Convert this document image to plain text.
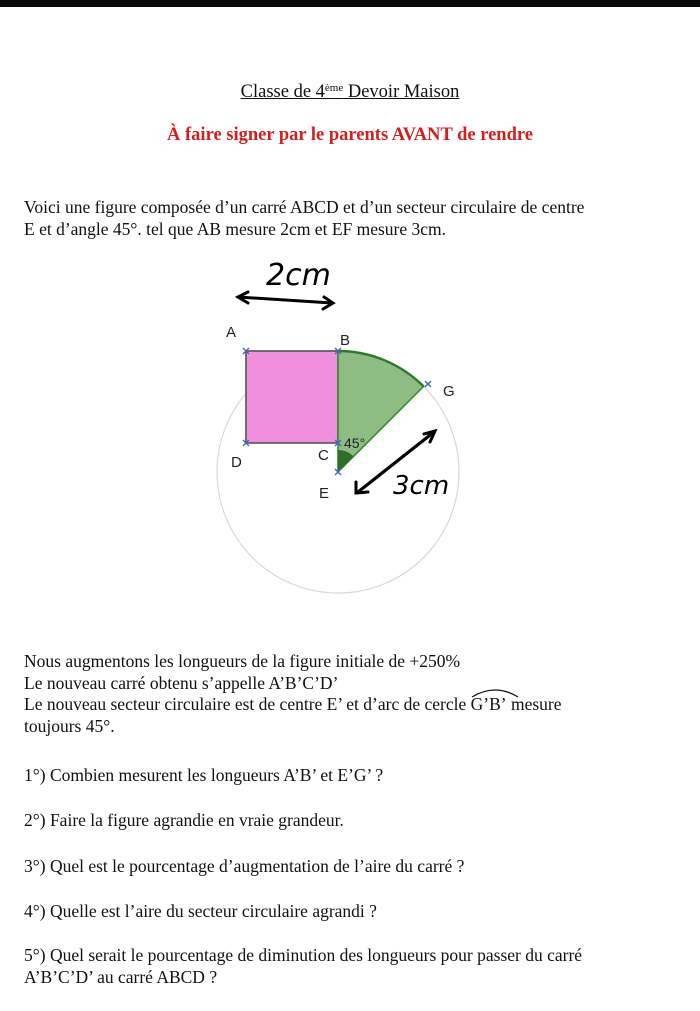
Classe de 4ème Devoir Maison
À faire signer par le parents AVANT de rendre
Voici une figure composée d’un carré ABCD et d’un secteur circulaire de centre
E et d’angle 45°. tel que AB mesure 2cm et EF mesure 3cm.
A	B
G
D	C
E
45°
2cm
3cm
Nous augmentons les longueurs de la figure initiale de +250%
Le nouveau carré obtenu s’appelle A’B’C’D’
Le nouveau secteur circulaire est de centre E’ et d’arc de cercle
G’B’ mesure
toujours 45°.
1°) Combien mesurent les longueurs A’B’ et E’G’ ?
2°) Faire la figure agrandie en vraie grandeur.
3°) Quel est le pourcentage d’augmentation de l’aire du carré ?
4°) Quelle est l’aire du secteur circulaire agrandi ?
5°) Quel serait le pourcentage de diminution des longueurs pour passer du carré
A’B’C’D’ au carré ABCD ?
